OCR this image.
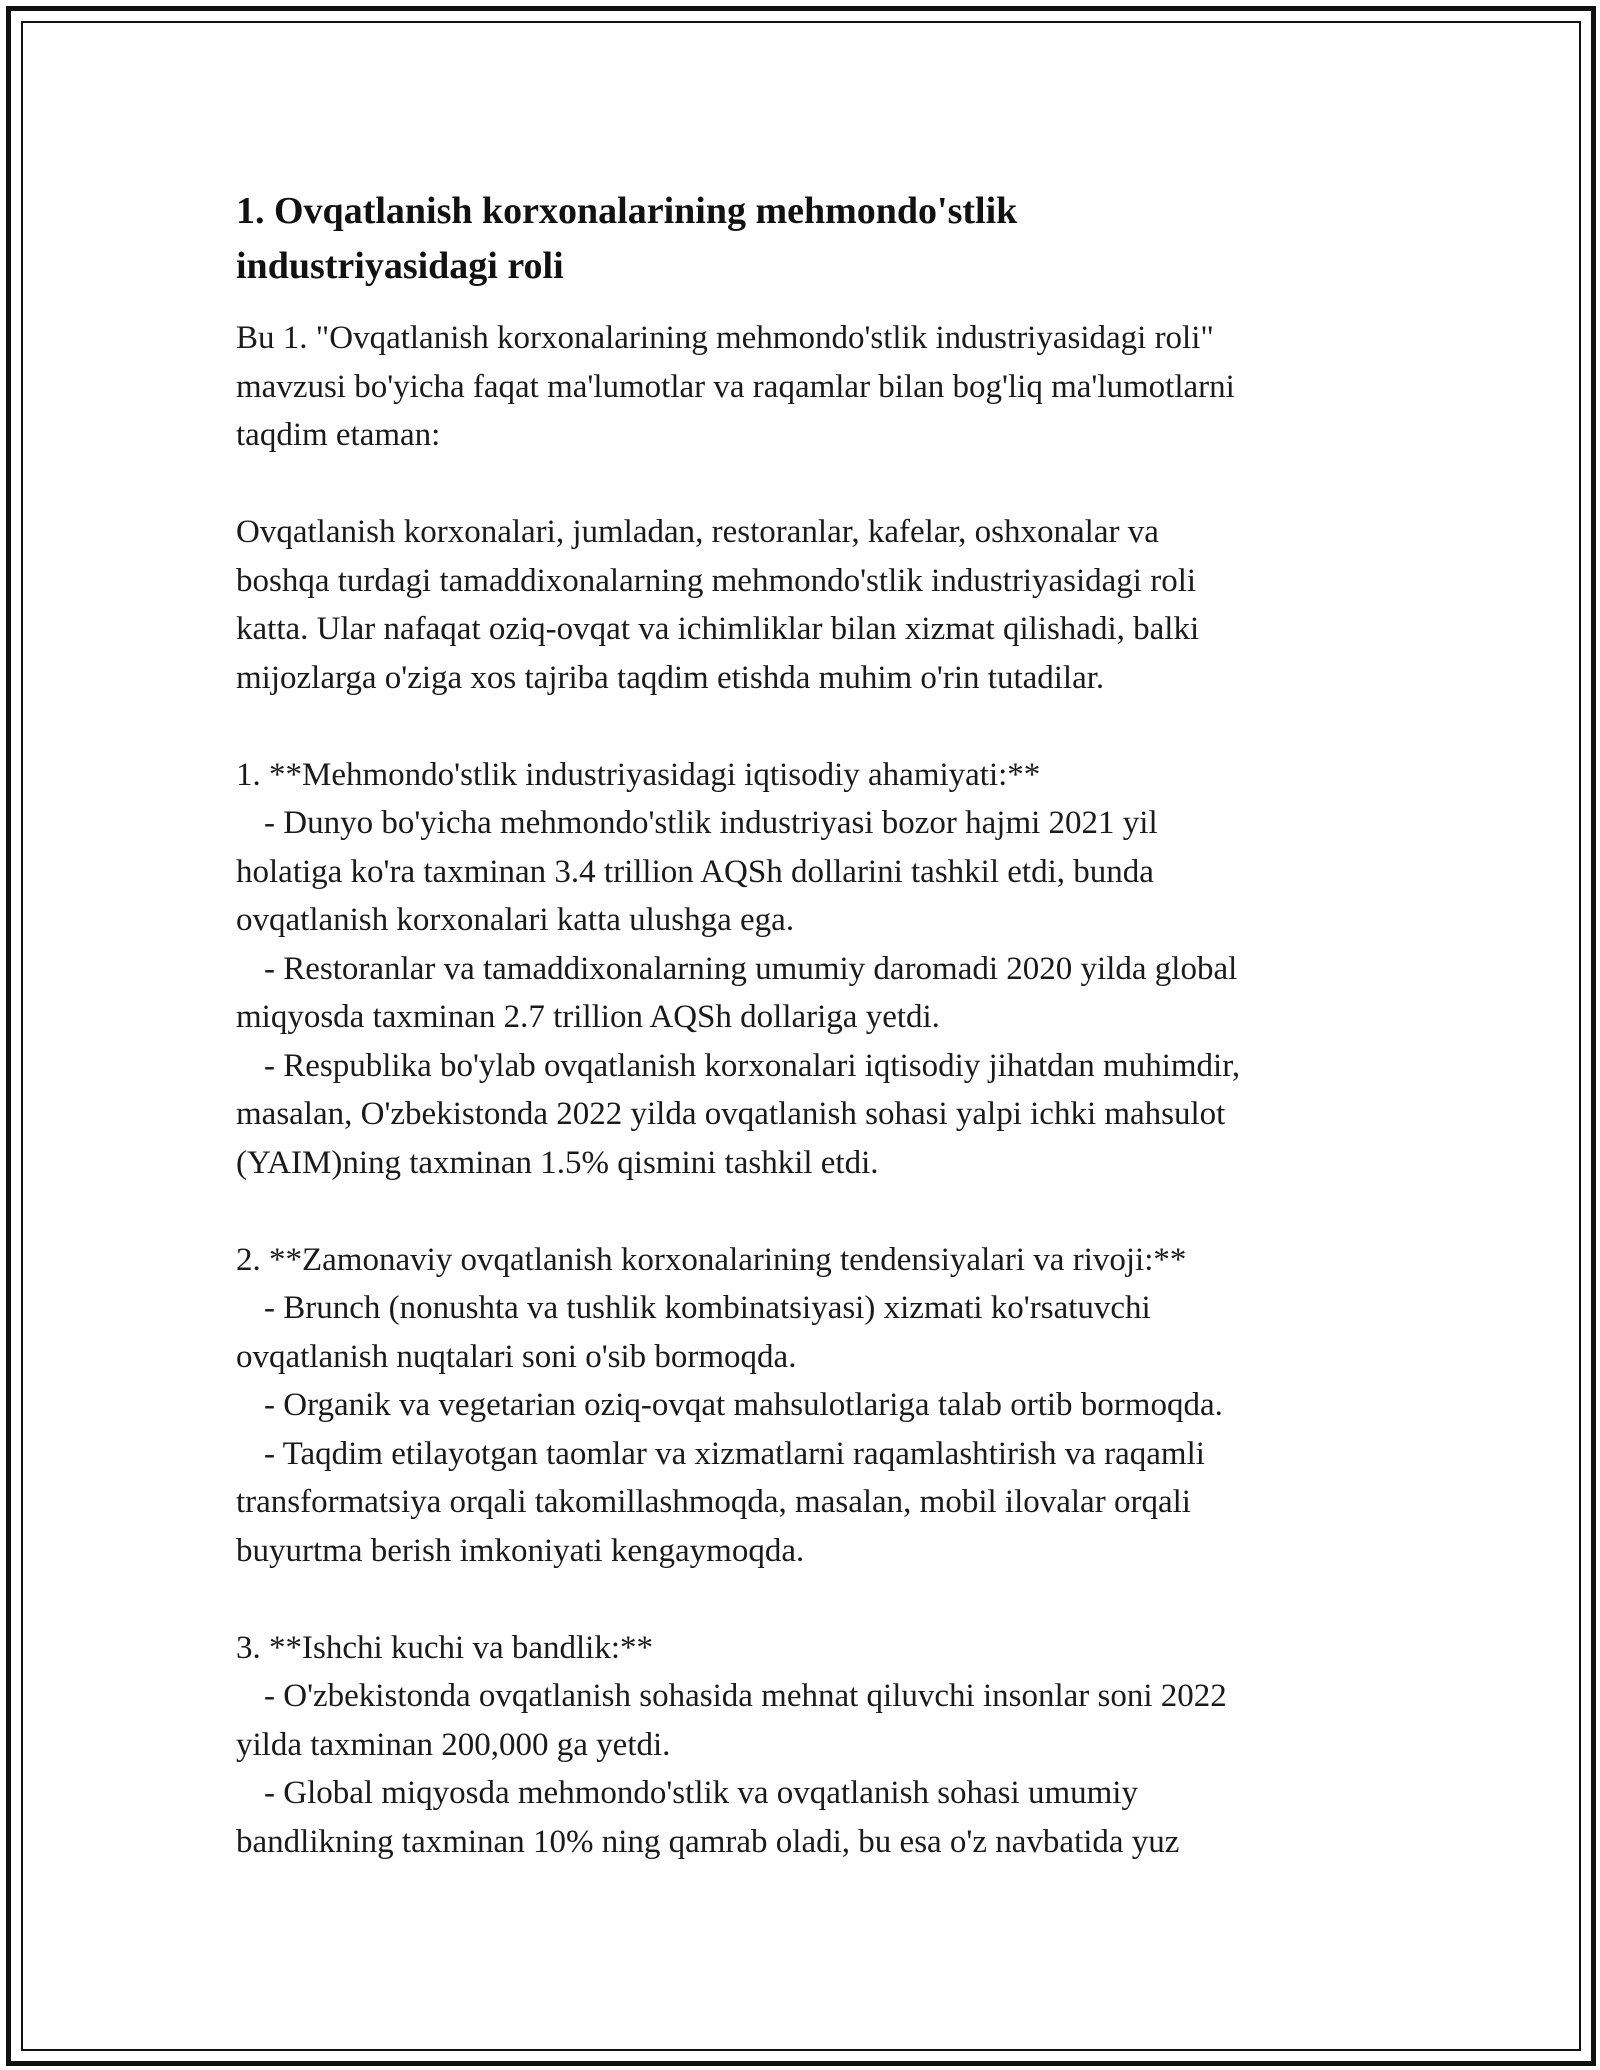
1. Ovqatlanish korxonalarining mehmondo'stlik
industriyasidagi roli

Bu 1. "Ovqatlanish korxonalarining mehmondo'stlik industriyasidagi roli"
mavzusi bo'yicha faqat ma'lumotlar va raqamlar bilan bog'liq ma'lumotlarni
taqdim etaman:

Ovqatlanish korxonalari, jumladan, restoranlar, kafelar, oshxonalar va
boshqa turdagi tamaddixonalarning mehmondo'stlik industriyasidagi roli
katta. Ular nafaqat oziq-ovqat va ichimliklar bilan xizmat qilishadi, balki
mijozlarga o'ziga xos tajriba taqdim etishda muhim o'rin tutadilar.

1. **Mehmondo'stlik industriyasidagi iqtisodiy ahamiyati:**
- Dunyo bo'yicha mehmondo'stlik industriyasi bozor hajmi 2021 yil
holatiga ko'ra taxminan 3.4 trillion AQSh dollarini tashkil etdi, bunda
ovqatlanish korxonalari katta ulushga ega.
- Restoranlar va tamaddixonalarning umumiy daromadi 2020 yilda global
miqyosda taxminan 2.7 trillion AQSh dollariga yetdi.
- Respublika bo'ylab ovqatlanish korxonalari iqtisodiy jihatdan muhimdir,
masalan, O'zbekistonda 2022 yilda ovqatlanish sohasi yalpi ichki mahsulot
(YAIM)ning taxminan 1.5% qismini tashkil etdi.

2. **Zamonaviy ovqatlanish korxonalarining tendensiyalari va rivoji:**
- Brunch (nonushta va tushlik kombinatsiyasi) xizmati ko'rsatuvchi
ovqatlanish nuqtalari soni o'sib bormoqda.
- Organik va vegetarian oziq-ovqat mahsulotlariga talab ortib bormoqda.
- Taqdim etilayotgan taomlar va xizmatlarni raqamlashtirish va raqamli
transformatsiya orqali takomillashmoqda, masalan, mobil ilovalar orqali
buyurtma berish imkoniyati kengaymoqda.

3. **Ishchi kuchi va bandlik:**
- O'zbekistonda ovqatlanish sohasida mehnat qiluvchi insonlar soni 2022
yilda taxminan 200,000 ga yetdi.
- Global miqyosda mehmondo'stlik va ovqatlanish sohasi umumiy
bandlikning taxminan 10% ning qamrab oladi, bu esa o'z navbatida yuz
